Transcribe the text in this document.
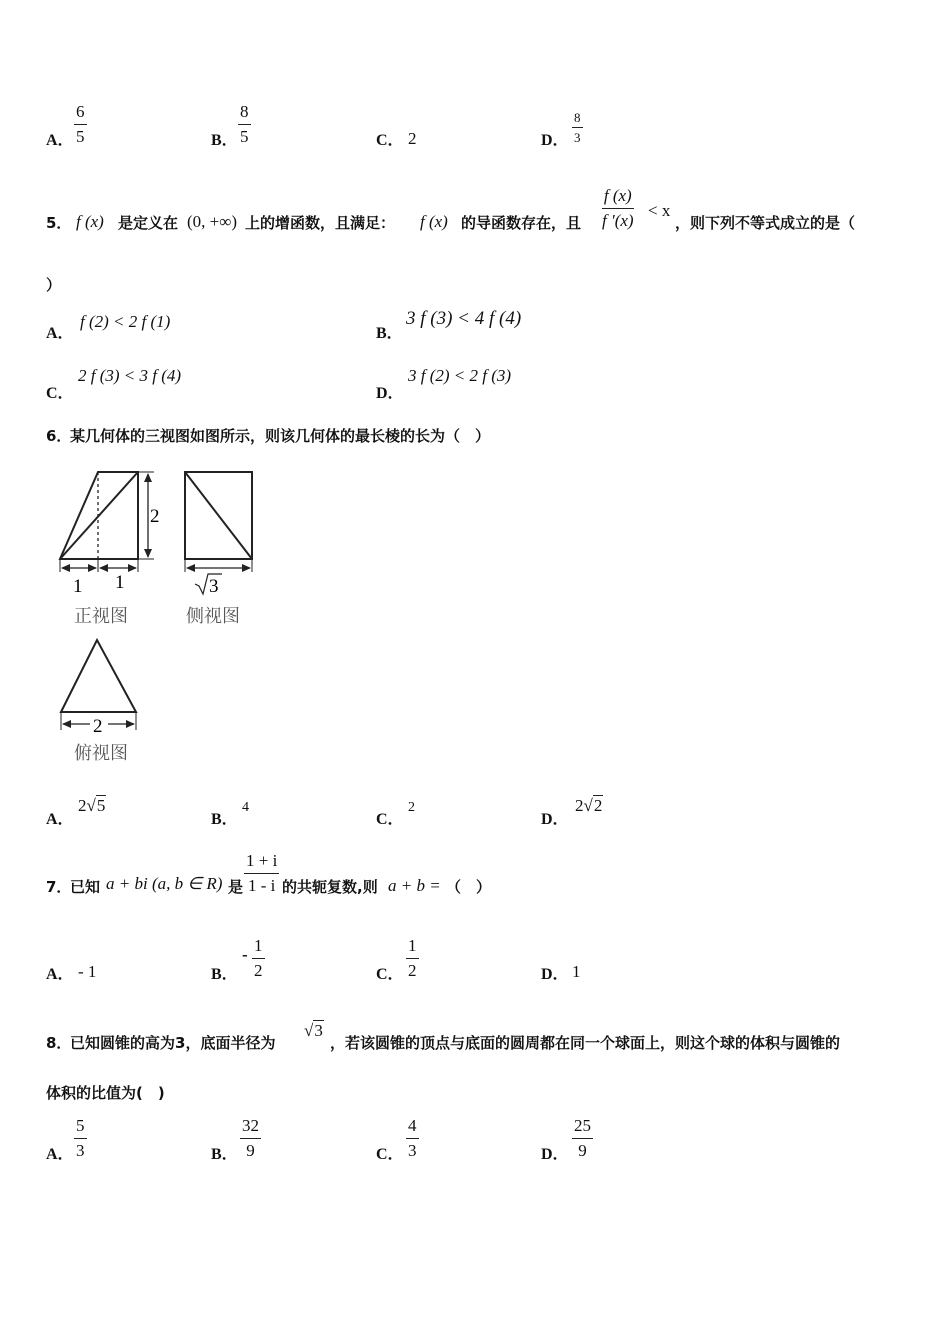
A． $\frac{6}{5}$	B． $\frac{8}{5}$	C． 2	D． $\frac{8}{3}$
5． f (x) 是定义在 (0, +∞) 上的增函数，且满足： f (x) 的导函数存在，且 $\frac{f (x)}{f '(x)} < x$
，则下列不等式成立的是（
）
A．
f (2) < 2 f (1)
B．
3 f (3) < 4 f (4)
C．
2 f (3) < 3 f (4)
D．
3 f (2) < 2 f (3)
6．
某几何体的三视图如图所示，则该几何体的最长棱的长为（　）
2
1 1	3
2
正视图	侧视图
俯视图
A．
2√5
B．
4
C．
2
D．
2√2
7．
已知 a + bi (a, b ∈ R) 是 $\frac{1 + i}{1 - i}$ 的共轭复数,则 a + b = （　）
A． - 1	B．
- $\frac{1}{2}$	C． $\frac{1}{2}$	D． 1
8．
已知圆锥的高为3，底面半径为
√3
，若该圆锥的顶点与底面的圆周都在同一个球面上，则这个球的体积与圆锥的
体积的比值为(　)
A． $\frac{5}{3}$	B． $\frac{32}{9}$	C． $\frac{4}{3}$	D． $\frac{25}{9}$
